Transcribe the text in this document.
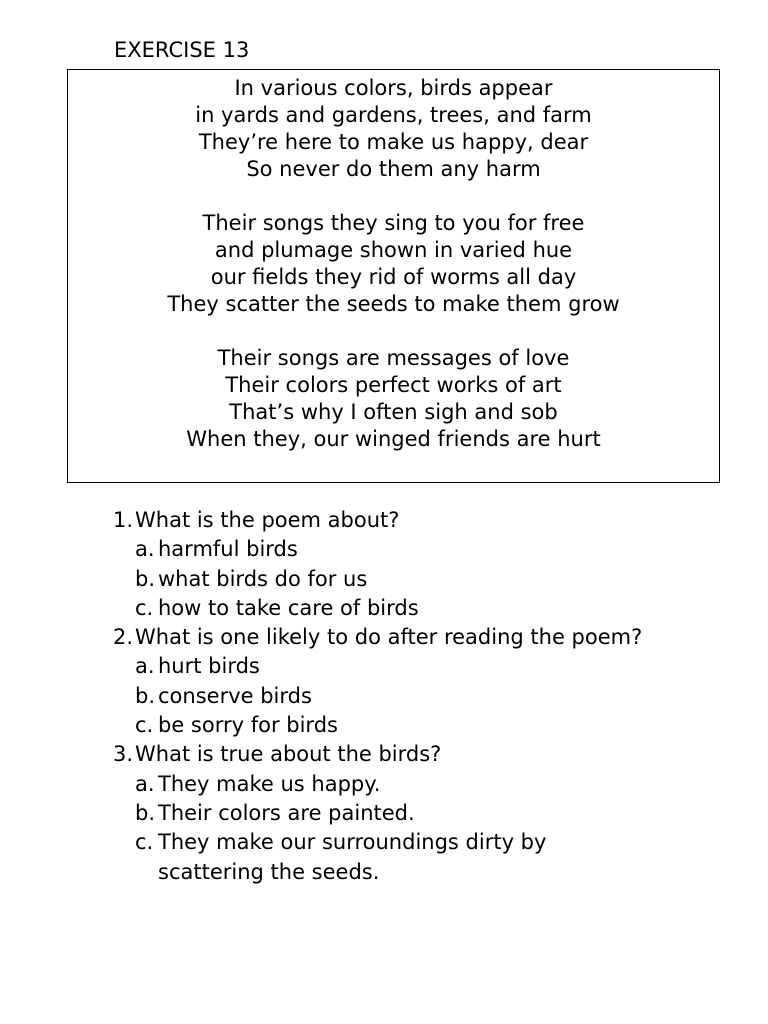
EXERCISE 13
In various colors, birds appear
in yards and gardens, trees, and farm
They’re here to make us happy, dear
So never do them any harm
Their songs they sing to you for free
and plumage shown in varied hue
our fields they rid of worms all day
They scatter the seeds to make them grow
Their songs are messages of love
Their colors perfect works of art
That’s why I often sigh and sob
When they, our winged friends are hurt
1. What is the poem about?
a. harmful birds
b. what birds do for us
c. how to take care of birds
2. What is one likely to do after reading the poem?
a. hurt birds
b. conserve birds
c. be sorry for birds
3. What is true about the birds?
a. They make us happy.
b. Their colors are painted.
c. They make our surroundings dirty by scattering the seeds.
